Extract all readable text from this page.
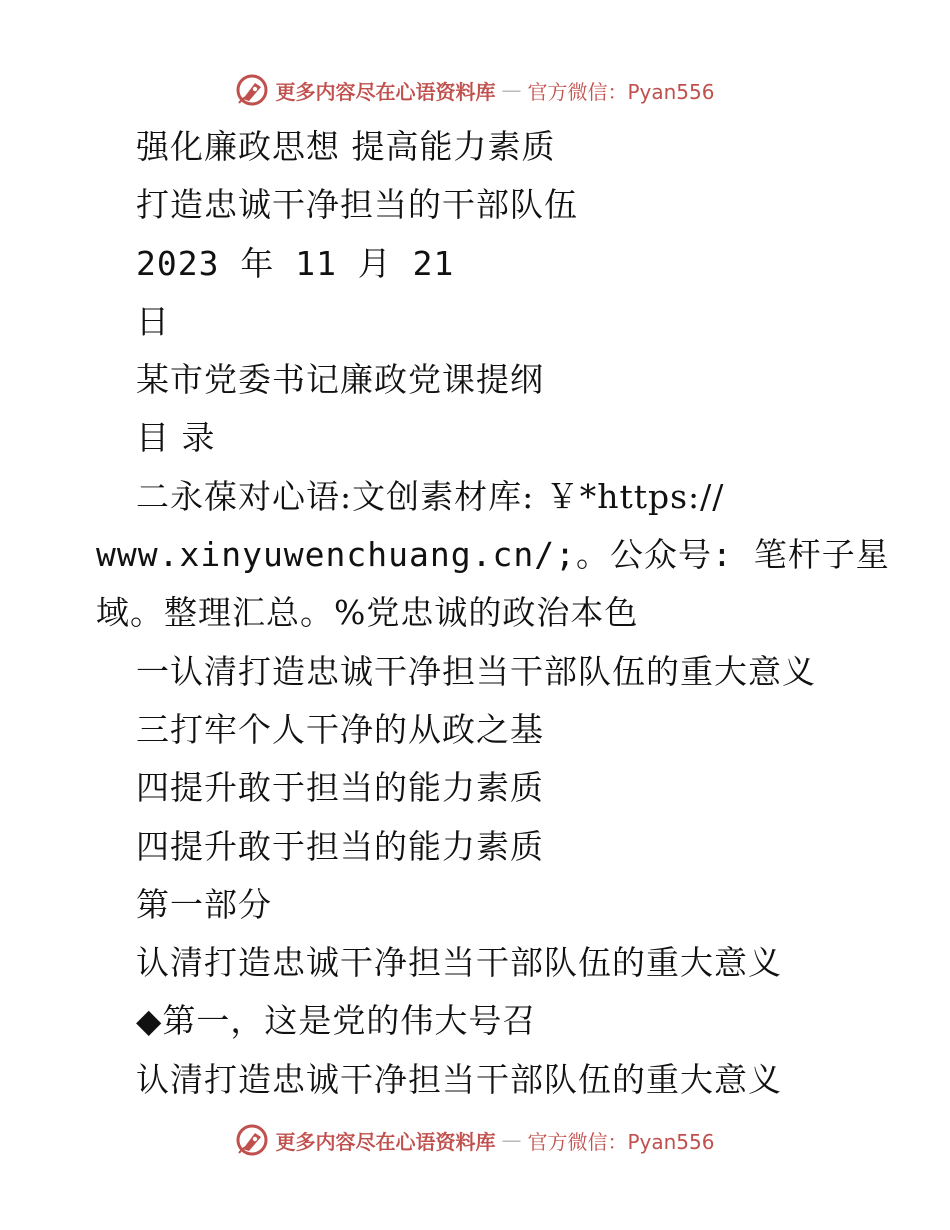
更多内容尽在心语资料库 — 官方微信：Pyan556
强化廉政思想 提高能力素质
打造忠诚干净担当的干部队伍
2023 年 11 月 21
日
某市党委书记廉政党课提纲
目 录
二永葆对心语:文创素材库: ￥*https://
www.xinyuwenchuang.cn/;。公众号: 笔杆子星
域。整理汇总。%党忠诚的政治本色
一认清打造忠诚干净担当干部队伍的重大意义
三打牢个人干净的从政之基
四提升敢于担当的能力素质
四提升敢于担当的能力素质
第一部分
认清打造忠诚干净担当干部队伍的重大意义
◆第一，这是党的伟大号召
认清打造忠诚干净担当干部队伍的重大意义
更多内容尽在心语资料库 — 官方微信：Pyan556
